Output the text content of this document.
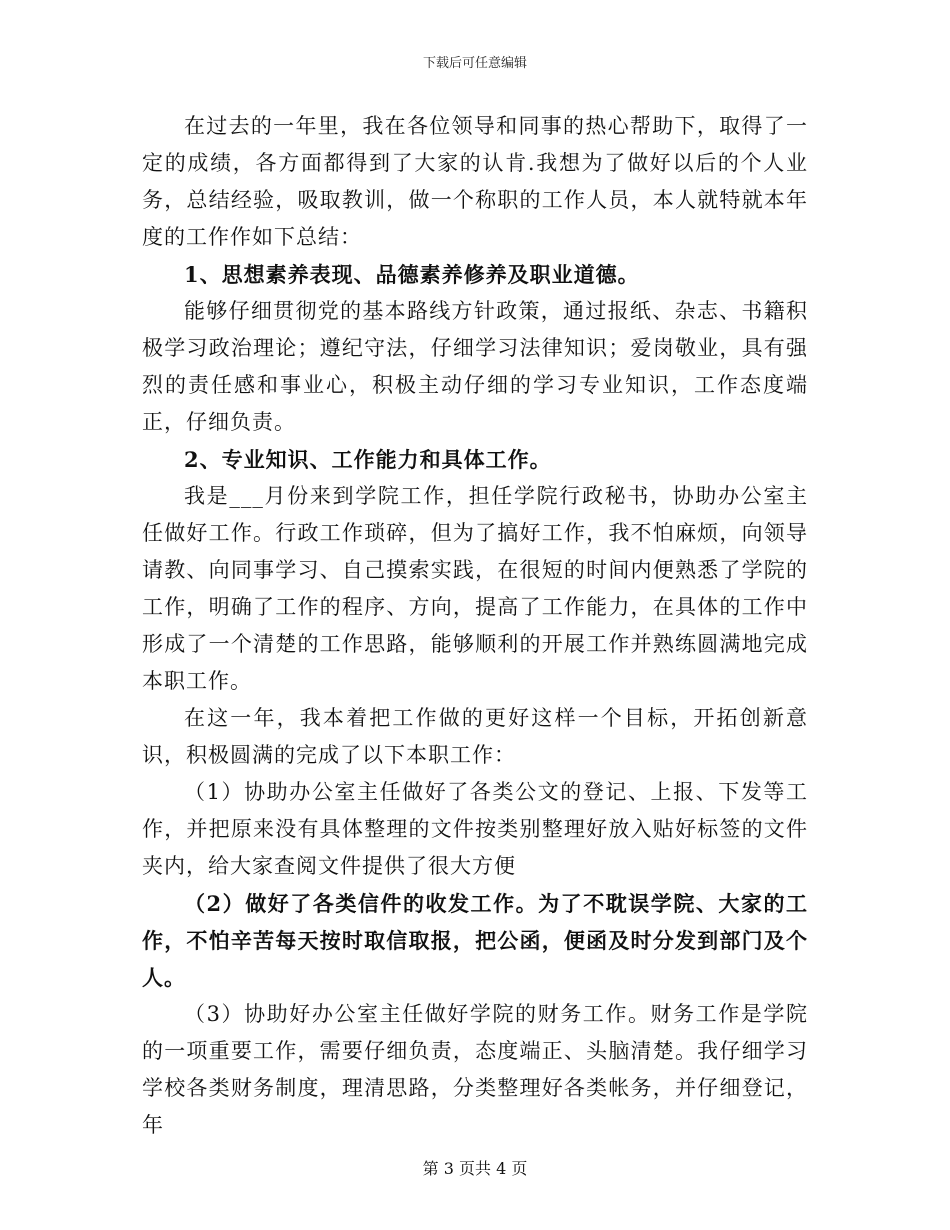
下载后可任意编辑

在过去的一年里，我在各位领导和同事的热心帮助下，取得了一定的成绩，各方面都得到了大家的认肯.我想为了做好以后的个人业务，总结经验，吸取教训，做一个称职的工作人员，本人就特就本年度的工作作如下总结：

1、思想素养表现、品德素养修养及职业道德。

能够仔细贯彻党的基本路线方针政策，通过报纸、杂志、书籍积极学习政治理论；遵纪守法，仔细学习法律知识；爱岗敬业，具有强烈的责任感和事业心，积极主动仔细的学习专业知识，工作态度端正，仔细负责。

2、专业知识、工作能力和具体工作。

我是___月份来到学院工作，担任学院行政秘书，协助办公室主任做好工作。行政工作琐碎，但为了搞好工作，我不怕麻烦，向领导请教、向同事学习、自己摸索实践，在很短的时间内便熟悉了学院的工作，明确了工作的程序、方向，提高了工作能力，在具体的工作中形成了一个清楚的工作思路，能够顺利的开展工作并熟练圆满地完成本职工作。

在这一年，我本着把工作做的更好这样一个目标，开拓创新意识，积极圆满的完成了以下本职工作：

（1）协助办公室主任做好了各类公文的登记、上报、下发等工作，并把原来没有具体整理的文件按类别整理好放入贴好标签的文件夹内，给大家查阅文件提供了很大方便

（2）做好了各类信件的收发工作。为了不耽误学院、大家的工作，不怕辛苦每天按时取信取报，把公函，便函及时分发到部门及个人。

（3）协助好办公室主任做好学院的财务工作。财务工作是学院的一项重要工作，需要仔细负责，态度端正、头脑清楚。我仔细学习学校各类财务制度，理清思路，分类整理好各类帐务，并仔细登记，年

第 3 页共 4 页
